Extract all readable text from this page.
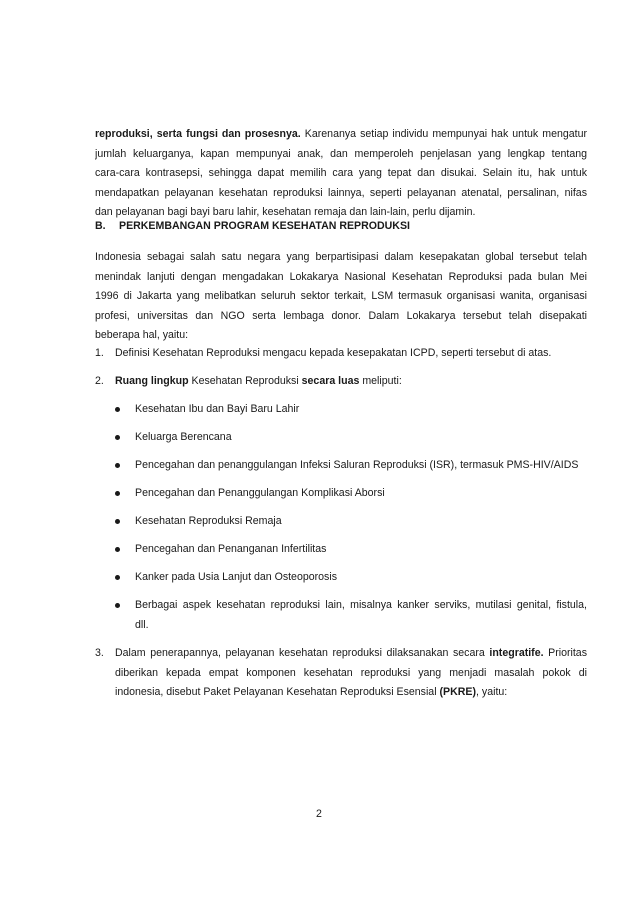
reproduksi, serta fungsi dan prosesnya. Karenanya setiap individu mempunyai hak untuk mengatur
jumlah keluarganya, kapan mempunyai anak, dan memperoleh penjelasan yang lengkap tentang
cara-cara kontrasepsi, sehingga dapat memilih cara yang tepat dan disukai. Selain itu, hak untuk
mendapatkan pelayanan kesehatan reproduksi lainnya, seperti pelayanan atenatal, persalinan, nifas
dan pelayanan bagi bayi baru lahir, kesehatan remaja dan lain-lain, perlu dijamin.
B. PERKEMBANGAN PROGRAM KESEHATAN REPRODUKSI
Indonesia sebagai salah satu negara yang berpartisipasi dalam kesepakatan global tersebut telah
menindak lanjuti dengan mengadakan Lokakarya Nasional Kesehatan Reproduksi pada bulan Mei
1996 di Jakarta yang melibatkan seluruh sektor terkait, LSM termasuk organisasi wanita, organisasi
profesi, universitas dan NGO serta lembaga donor. Dalam Lokakarya tersebut telah disepakati
beberapa hal, yaitu:
1. Definisi Kesehatan Reproduksi mengacu kepada kesepakatan ICPD, seperti tersebut di atas.
2. Ruang lingkup Kesehatan Reproduksi secara luas meliputi:
Kesehatan Ibu dan Bayi Baru Lahir
Keluarga Berencana
Pencegahan dan penanggulangan Infeksi Saluran Reproduksi (ISR), termasuk PMS-HIV/AIDS
Pencegahan dan Penanggulangan Komplikasi Aborsi
Kesehatan Reproduksi Remaja
Pencegahan dan Penanganan Infertilitas
Kanker pada Usia Lanjut dan Osteoporosis
Berbagai aspek kesehatan reproduksi lain, misalnya kanker serviks, mutilasi genital, fistula,
dll.
3. Dalam penerapannya, pelayanan kesehatan reproduksi dilaksanakan secara integratife. Prioritas
diberikan kepada empat komponen kesehatan reproduksi yang menjadi masalah pokok di
indonesia, disebut Paket Pelayanan Kesehatan Reproduksi Esensial (PKRE), yaitu:
2
